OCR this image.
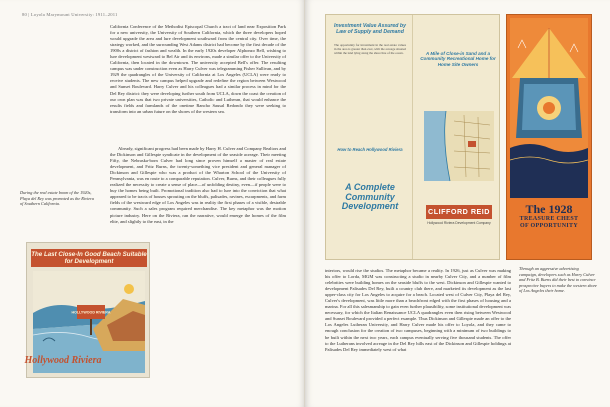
80 | Loyola Marymount University: 1911–2011

California Conference of the Methodist Episcopal Church a tract of land near Exposition Park for a new university, the University of Southern California, which the three developers hoped would upgrade the area and lure development southward from the central city. Over time, the strategy worked, and the surrounding West Adams district had become by the first decade of the 1900s a district of fashion and wealth. In the early 1920s developer Alphonzo Bell, wishing to lure development westward to Bel Air and its environs, made a similar offer to the University of California, then located in the downtown. The university accepted Bell's offer. The resulting campus was under construction even as Harry Culver was telegramming Fisher Sullivan, and by 1929 the quadrangles of the University of California at Los Angeles (UCLA) were ready to receive students. The new campus helped upgrade and redefine the region between Westwood and Sunset Boulevard. Harry Culver and his colleagues had a similar process in mind for the Del Rey district: they were developing further south from UCLA, down the coast the creation of our own plan was that two private universities, Catholic and Lutheran, that would enhance the results fields and farmlands of the onetime Rancho Sausal Redondo they were seeking to transform into an urban future on the shores of the western sea.

During the real estate boom of the 1920s, Playa del Rey was promoted as the Riviera of Southern California.

Already, significant progress had been made by Harry H. Culver and Company Realtors and the Dickinson and Gillespie syndicate in the development of the seaside acreage. Their meeting Fifty, the Nebraska-born Culver had long since proven himself a master of real estate development, and Fritz Burns, the twenty-something vice president and general manager of Dickinson and Gillespie who was a product of the Wharton School of the University of Pennsylvania, was en route to a comparable reputation. Culver, Burns, and their colleagues fully realized the necessity to create a sense of place—of unfolding destiny, even—if people were to buy the homes being built. Promotional tradition also had to lure into the conviction that what appeared to be tracts of houses sprouting on the bluffs, palisades, ravines, escarpments, and farm fields of the westward edge of Los Angeles was in reality the first phases of a visible, desirable community. Such a sales program required merchandise. The key metaphor was the motion picture industry. Here on the Riviera, ran the narrative, would emerge the homes of the film elite, and slightly to the east, in the

The Last Close-In Good Beach Suitable for Development
HOLLYWOOD RIVIERA
Hollywood Riviera
Investment Value Assured by Law of Supply and Demand
The opportunity for investment in the real estate values in the area is greater than ever, with the acreage situated within the land lying along the shore line of the ocean.
How to Reach Hollywood Riviera
A Complete Community Development
A Mile of Close-in Sand and a Community Recreational Home for Home Site Owners
CLIFFORD REID
Hollywood Riviera Development Company
The 1928
TREASURE CHEST
OF OPPORTUNITY
Through an aggressive advertising campaign, developers such as Harry Culver and Fritz B. Burns did their best to convince prospective buyers to make the western shore of Los Angeles their home.

interiors, would rise the studios. The metaphor became a reality. In 1926, just as Culver was making his offer to Lorda, MGM was constructing a studio in nearby Culver City, and a number of film celebrities were building homes on the seaside bluffs to the west. Dickinson and Gillespie wanted to development Palisades Del Rey, built a country club there, and marketed its development as the last upper-class city for Los Angeles to acquire for a beach. Located west of Culver City, Playa del Rey, Culver's development, was little more than a beachfront edged with the first phases of housing and a marina. For all this salesmanship to gain even further plausibility, some institutional development was necessary, for which the Italian Renaissance UCLA quadrangles even then rising between Westwood and Sunset Boulevard provided a perfect example. Thus Dickinson and Gillespie made an offer to the Los Angeles Lutheran University, and Harry Culver made his offer to Loyola, and they came to enough conclusion for the creation of two campuses, beginning with a minimum of two buildings to be built within the next two years, each campus eventually serving five thousand students. The offer to the Lutherans involved acreage in the Del Rey hills east of the Dickinson and Gillespie holdings at Palisades Del Rey immediately west of what
